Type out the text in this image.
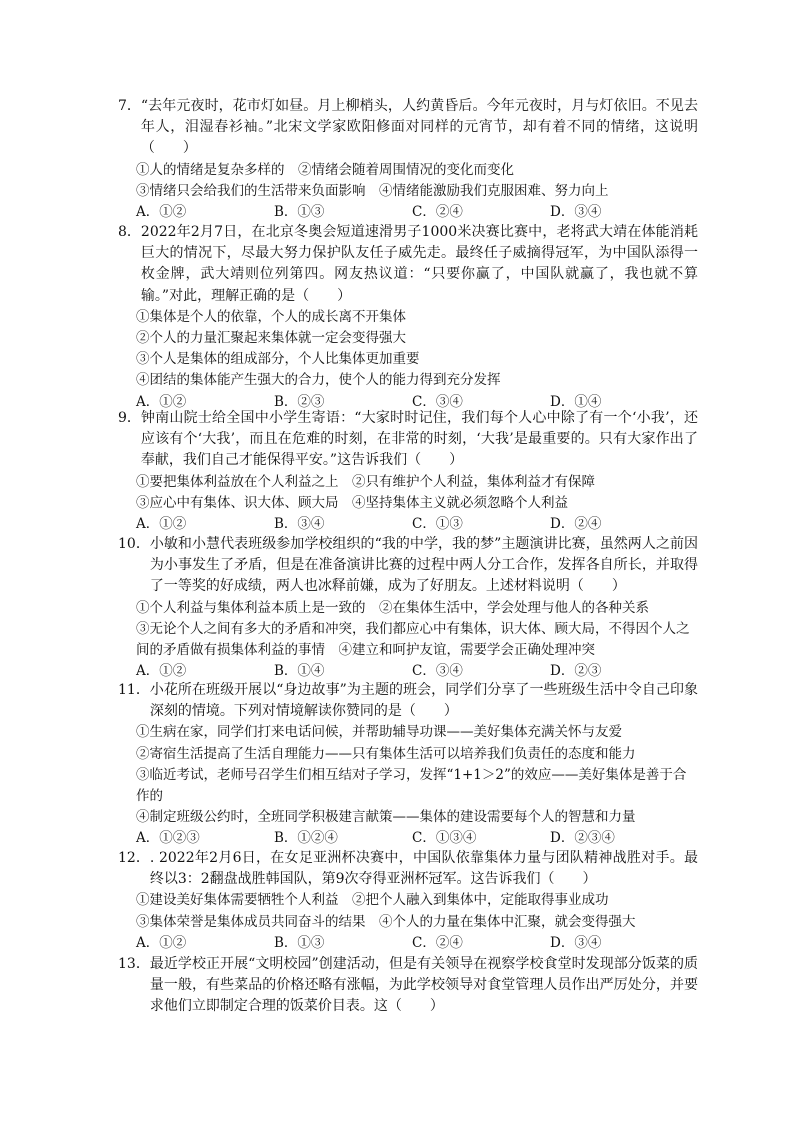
7． “去年元夜时，花市灯如昼。月上柳梢头，人约黄昏后。今年元夜时，月与灯依旧。不见去年人，泪湿春衫袖。”北宋文学家欧阳修面对同样的元宵节，却有着不同的情绪，这说明（　　）

①人的情绪是复杂多样的　②情绪会随着周围情况的变化而变化
③情绪只会给我们的生活带来负面影响　④情绪能激励我们克服困难、努力向上
A．①②	B．①③	C．②④	D．③④
8． 2022年2月7日，在北京冬奥会短道速滑男子1000米决赛比赛中，老将武大靖在体能消耗巨大的情况下，尽最大努力保护队友任子威先走。最终任子威摘得冠军，为中国队添得一枚金牌，武大靖则位列第四。网友热议道：“只要你赢了，中国队就赢了，我也就不算输。”对此，理解正确的是（　　）

①集体是个人的依靠，个人的成长离不开集体
②个人的力量汇聚起来集体就一定会变得强大
③个人是集体的组成部分，个人比集体更加重要
④团结的集体能产生强大的合力，使个人的能力得到充分发挥
A．①②	B．②③	C．③④	D．①④
9． 钟南山院士给全国中小学生寄语：“大家时时记住，我们每个人心中除了有一个‘小我’，还应该有个‘大我’，而且在危难的时刻，在非常的时刻，‘大我’是最重要的。只有大家作出了奉献，我们自己才能保得平安。”这告诉我们（　　）

①要把集体利益放在个人利益之上　②只有维护个人利益，集体利益才有保障
③应心中有集体、识大体、顾大局　④坚持集体主义就必须忽略个人利益
A．①②	B．③④	C．①③	D．②④
10． 小敏和小慧代表班级参加学校组织的“我的中学，我的梦”主题演讲比赛，虽然两人之前因为小事发生了矛盾，但是在准备演讲比赛的过程中两人分工合作，发挥各自所长，并取得了一等奖的好成绩，两人也冰释前嫌，成为了好朋友。上述材料说明（　　）

①个人利益与集体利益本质上是一致的　②在集体生活中，学会处理与他人的各种关系
③无论个人之间有多大的矛盾和冲突，我们都应心中有集体，识大体、顾大局，不得因个人之间的矛盾做有损集体利益的事情　④建立和呵护友谊，需要学会正确处理冲突
A．①②	B．①④	C．③④	D．②③
11． 小花所在班级开展以“身边故事”为主题的班会，同学们分享了一些班级生活中令自己印象深刻的情境。下列对情境解读你赞同的是（　　）

①生病在家，同学们打来电话问候，并帮助辅导功课——美好集体充满关怀与友爱
②寄宿生活提高了生活自理能力——只有集体生活可以培养我们负责任的态度和能力
③临近考试，老师号召学生们相互结对子学习，发挥“1+1＞2”的效应——美好集体是善于合作的
④制定班级公约时，全班同学积极建言献策——集体的建设需要每个人的智慧和力量
A．①②③	B．①②④	C．①③④	D．②③④
12． . 2022年2月6日，在女足亚洲杯决赛中，中国队依靠集体力量与团队精神战胜对手。最终以3：2翻盘战胜韩国队，第9次夺得亚洲杯冠军。这告诉我们（　　）

①建设美好集体需要牺牲个人利益　②把个人融入到集体中，定能取得事业成功
③集体荣誉是集体成员共同奋斗的结果　④个人的力量在集体中汇聚，就会变得强大
A．①②	B．①③	C．②④	D．③④
13． 最近学校正开展“文明校园”创建活动，但是有关领导在视察学校食堂时发现部分饭菜的质量一般，有些菜品的价格还略有涨幅，为此学校领导对食堂管理人员作出严厉处分，并要求他们立即制定合理的饭菜价目表。这（　　）
